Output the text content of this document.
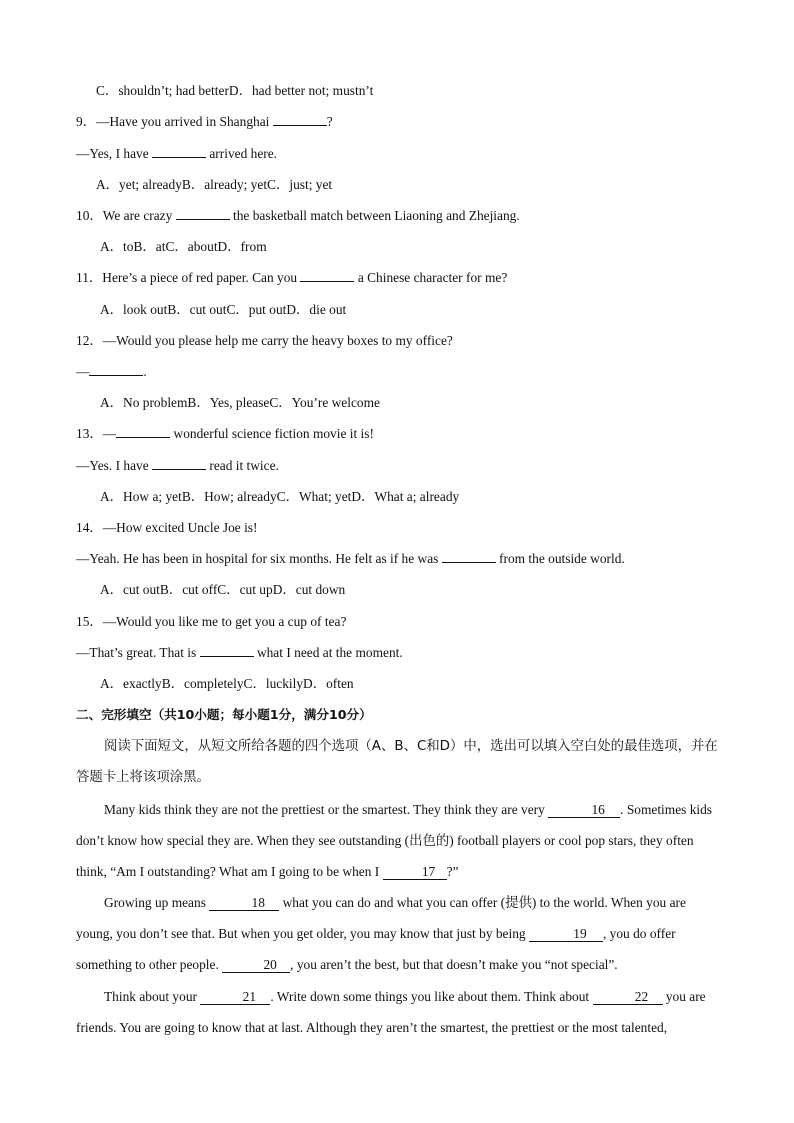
C．shouldn’t; had betterD．had better not; mustn’t
9．—Have you arrived in Shanghai	?
—Yes, I have	arrived here.
A．yet; alreadyB．already; yetC．just; yet
10．We are crazy	the basketball match between Liaoning and Zhejiang.
A．toB．atC．aboutD．from
11．Here’s a piece of red paper. Can you	a Chinese character for me?
A．look outB．cut outC．put outD．die out
12．—Would you please help me carry the heavy boxes to my office?
—	.
A．No problemB．Yes, pleaseC．You’re welcome
13．—	wonderful science fiction movie it is!
—Yes. I have	read it twice.
A．How a; yetB．How; alreadyC．What; yetD．What a; already
14．—How excited Uncle Joe is!
—Yeah. He has been in hospital for six months. He felt as if he was	from the outside world.
A．cut outB．cut offC．cut upD．cut down
15．—Would you like me to get you a cup of tea?
—That’s great. That is	what I need at the moment.
A．exactlyB．completelyC．luckilyD．often
二、完形填空（共10小题；每小题1分，满分10分）
阅读下面短文，从短文所给各题的四个选项（A、B、C和D）中，选出可以填入空白处的最佳选项，并在答题卡上将该项涂黑。
Many kids think they are not the prettiest or the smartest. They think they are very	16 . Sometimes kids don’t know how special they are. When they see outstanding (出色的) football players or cool pop stars, they often think, “Am I outstanding? What am I going to be when I	17 ?”
Growing up means	18 what you can do and what you can offer (提供) to the world. When you are young, you don’t see that. But when you get older, you may know that just by being	19 , you do offer something to other people.	20 , you aren’t the best, but that doesn’t make you “not special”.
Think about your	21 . Write down some things you like about them. Think about	22 you are friends. You are going to know that at last. Although they aren’t the smartest, the prettiest or the most talented,
